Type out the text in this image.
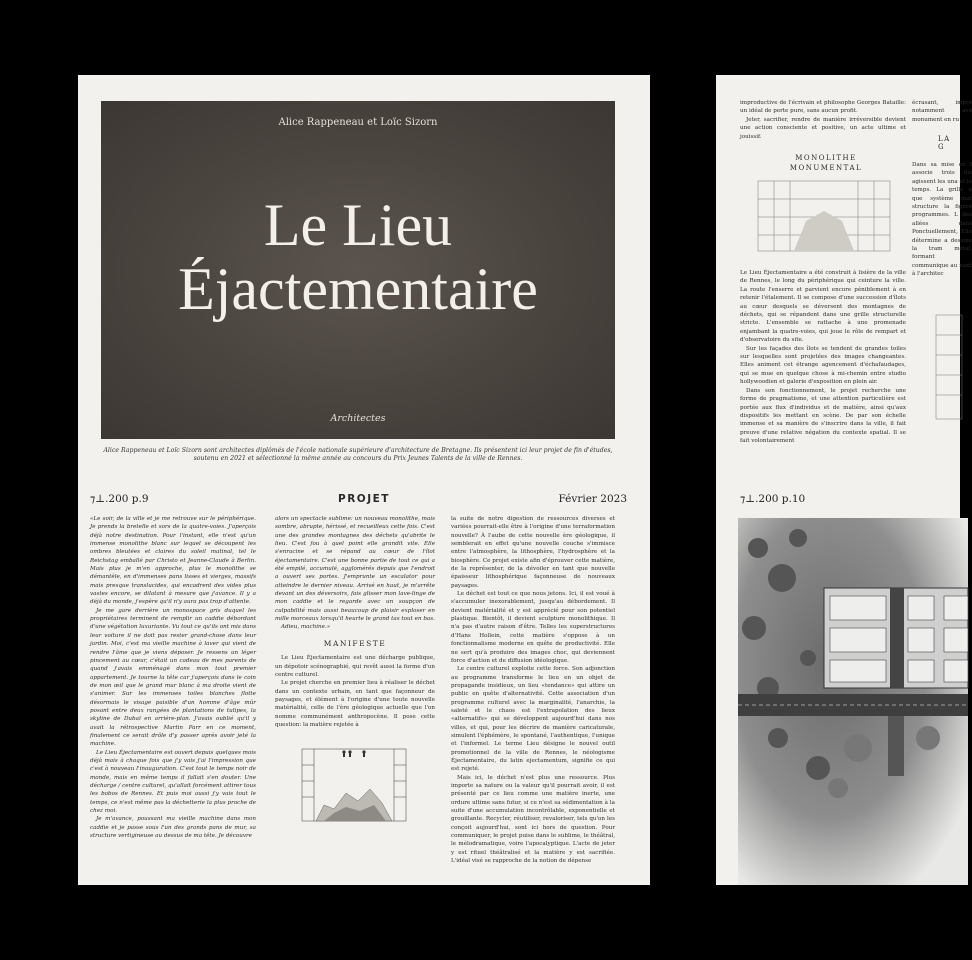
Alice Rappeneau et Loïc Sizorn
Le Lieu
Éjactementaire
Architectes
Alice Rappeneau et Loïc Sizorn sont architectes diplômés de l'école nationale supérieure d'architecture de Bretagne. Ils présentent ici leur projet de fin d'études,
soutenu en 2021 et sélectionné la même année au concours du Prix Jeunes Talents de la ville de Rennes.
⁊⊥.200 p.9	PROJET	Février 2023

«Le soir, de la ville et je me retrouve sur le périphérique. Je prends la bretelle et sors de la quatre-voies. J'aperçois déjà notre destination. Pour l'instant, elle n'est qu'un immense monolithe blanc sur lequel se découpent les ombres bleutées et claires du soleil matinal, tel le Reichstag emballé par Christo et Jeanne-Claude à Berlin. Mais plus je m'en approche, plus le monolithe se démantèle, en d'immenses pans lisses et vierges, massifs mais presque translucides, qui encadrent des vides plus vastes encore, se dilatant à mesure que j'avance. Il y a déjà du monde, j'espère qu'il n'y aura pas trop d'attente.

Je me gare derrière un monospace gris duquel les propriétaires terminent de remplir un caddie débordant d'une végétation luxuriante. Vu tout ce qu'ils ont mis dans leur voiture il ne doit pas rester grand-chose dans leur jardin. Moi, c'est ma vieille machine à laver qui vient de rendre l'âme que je viens déposer. Je ressens un léger pincement au cœur, c'était un cadeau de mes parents de quand j'avais emménagé dans mon tout premier appartement. Je tourne la tête car j'aperçois dans le coin de mon œil que le grand mur blanc à ma droite vient de s'animer. Sur les immenses toiles blanches flotte désormais le visage paisible d'un homme d'âge mûr posant entre deux rangées de plantations de tulipes, la skyline de Dubaï en arrière-plan. J'avais oublié qu'il y avait la rétrospective Martin Parr en ce moment, finalement ce serait drôle d'y passer après avoir jeté la machine.

Le Lieu Éjectamentaire est ouvert depuis quelques mois déjà mais à chaque fois que j'y vais j'ai l'impression que c'est à nouveau l'inauguration. C'est tout le temps noir de monde, mais en même temps il fallait s'en douter. Une décharge / centre culturel, qu'allait forcément attirer tous les bobos de Rennes. Et puis moi aussi j'y vais tout le temps, ce n'est même pas la déchetterie la plus proche de chez moi.

Je m'avance, poussant ma vieille machine dans mon caddie et je passe sous l'un des grands pans de mur, sa structure vertigineuse au dessus de ma tête. Je découvre

alors un spectacle sublime: un nouveau monolithe, mais sombre, abrupte, hérissé, et recueilleux cette fois. C'est une des grandes montagnes des déchets qu'abrite le lieu. C'est fou à quel point elle grandit vite. Elle s'enracine et se répand au cœur de l'îlot éjectamentaire. C'est une bonne partie de tout ce qui a été empilé, accumulé, agglomérés depuis que l'endroit a ouvert ses portes. J'emprunte un escalator pour atteindre le dernier niveau. Arrivé en haut, je m'arrête devant un des déversoirs, fais glisser mon lave-linge de mon caddie et le regarde avec un soupçon de culpabilité mais aussi beaucoup de plaisir exploser en mille morceaux lorsqu'il heurte le grand tas tout en bas.

Adieu, machine.»

MANIFESTE

Le Lieu Éjectamentaire est une décharge publique, un dépotoir scénographié, qui revêt aussi la forme d'un centre culturel.

Le projet cherche en premier lieu à réaliser le déchet dans un contexte urbain, en tant que façonneur de paysages, et élément à l'origine d'une toute nouvelle matérialité, celle de l'ère géologique actuelle que l'on nomme communément anthropocène. Il pose cette question: la matière rejetée à

la suite de notre digestion de ressources diverses et variées pourrait-elle être à l'origine d'une terraformation nouvelle? À l'aube de cette nouvelle ère géologique, il semblerait en effet qu'une nouvelle couche s'immisce entre l'atmosphère, la lithosphère, l'hydrosphère et la biosphère. Ce projet existe afin d'éprouver cette matière, de la représenter, de la dévoiler en tant que nouvelle épaisseur lithosphérique façonneuse de nouveaux paysages.

Le déchet est tout ce que nous jetons. Ici, il est voué à s'accumuler inexorablement, jusqu'au débordement. Il devient matérialité et y est apprécié pour son potentiel plastique. Bientôt, il devient sculpture monolithique. Il n'a pas d'autre raison d'être. Telles les superstructures d'Hans Hollein, cette matière s'oppose à un fonctionnalisme moderne en quête de productivité. Elle ne sert qu'à produire des images choc, qui deviennent force d'action et de diffusion idéologique.

Le centre culturel exploite cette force. Son adjonction au programme transforme le lieu en un objet de propagande insidieux, un lieu «tendance» qui attire un public en quête d'alternativité. Cette association d'un programme culturel avec la marginalité, l'anarchie, la saleté et le chaos est l'extrapolation des lieux «alternatifs» qui se développent aujourd'hui dans nos villes, et qui, pour les décrire de manière caricaturale, simulent l'éphémère, le spontané, l'authentique, l'unique et l'informel. Le terme Lieu désigne le nouvel outil promotionnel de la ville de Rennes, le néologisme Éjectamentaire, du latin ejectamentum, signifie ce qui est rejeté.

Mais ici, le déchet n'est plus une ressource. Plus importe sa nature ou la valeur qu'il pourrait avoir, il est présenté par ce lieu comme une matière inerte, une ordure ultime sans futur, si ce n'est sa sédimentation à la suite d'une accumulation incontrôlable, exponentielle et grouillante. Recycler, réutiliser, revaloriser, tels qu'on les conçoit aujourd'hui, sont ici hors de question. Pour communiquer, le projet puise dans le sublime, le théâtral, le mélodramatique, voire l'apocalyptique. L'acte de jeter y est rituel théâtralisé et la matière y est sacrifiée. L'idéal visé se rapproche de la notion de dépense

improductive de l'écrivain et philosophe Georges Bataille: un idéal de perte pure, sans aucun profit.
Jeter, sacrifier, rendre de manière irréversible devient une action consciente et positive, un acte ultime et jouissif.
MONOLITHE
MONUMENTAL
Le Lieu Éjectamentaire a été construit à lisière de la ville de Rennes, le long du périphérique qui ceinture la ville. La route l'enserre et parvient encore péniblement à en retenir l'étalement. Il se compose d'une succession d'îlots au cœur desquels se déversent des montagnes de déchets, qui se répandent dans une grille structurelle stricte. L'ensemble se rattache à une promenade enjambant la quatre-voies, qui joue le rôle de rempart et d'observatoire du site.
Sur les façades des îlots se tendent de grandes toiles sur lesquelles sont projetées des images changeantes. Elles animent cet étrange agencement d'échafaudages, qui se mue en quelque chose à mi-chemin entre studio hollywoodien et galerie d'exposition en plein air.
Dans son fonctionnement, le projet recherche une forme de pragmatisme, et une attention particulière est portée aux flux d'individus et de matière, ainsi qu'aux dispositifs les mettant en scène. De par son échelle immense et sa manière de s'inscrire dans la ville, il fait preuve d'une relative négation du contexte spatial. Il se fait volontairement
écrasant, impre notamment ave monument en ru
LA G
Dans sa mise en f associe trois dis agissent les una et le temps. La grille e que système mat structure la figure programmes. L des allées dans Ponctuellement, Elle détermine a dessine la tram métal, formant communique au nant à l'architec
⁊⊥.200 p.10
